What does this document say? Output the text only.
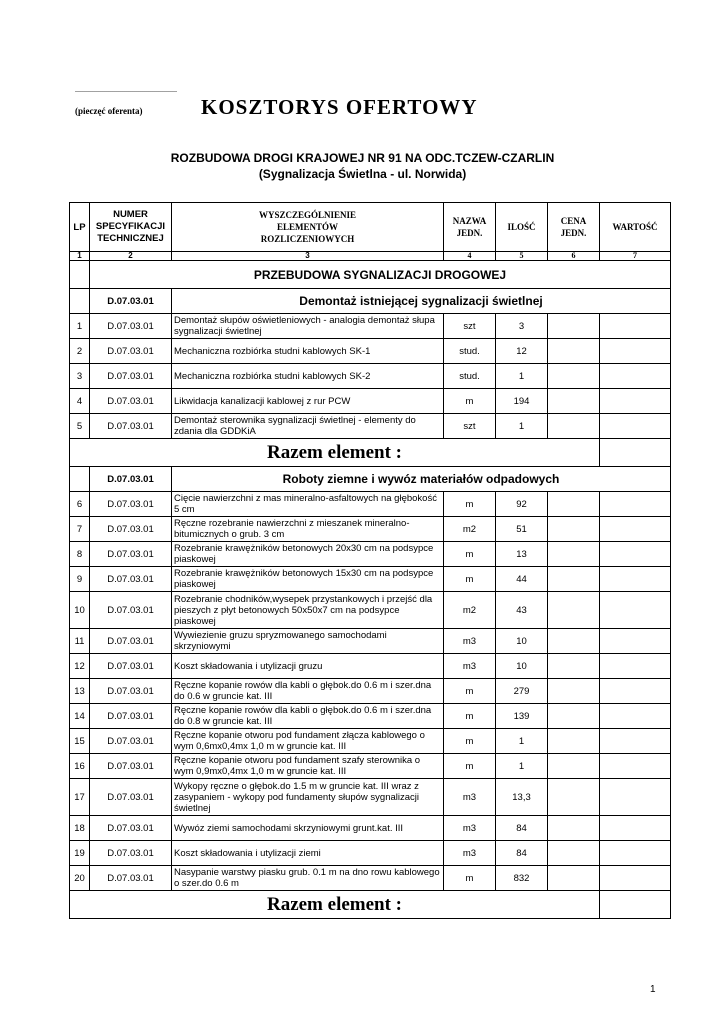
...................................................
(pieczęć oferenta)	KOSZTORYS OFERTOWY
ROZBUDOWA DROGI KRAJOWEJ NR 91 NA ODC.TCZEW-CZARLIN
(Sygnalizacja Świetlna - ul. Norwida)
LP	NUMER SPECYFIKACJI TECHNICZNEJ	WYSZCZEGÓLNIENIE ELEMENTÓW ROZLICZENIOWYCH	NAZWA JEDN.	ILOŚĆ	CENA JEDN.	WARTOŚĆ
1	2	3	4	5	6	7
	PRZEBUDOWA SYGNALIZACJI DROGOWEJ					
	D.07.03.01	Demontaż istniejącej sygnalizacji świetlnej				
1	D.07.03.01	Demontaż słupów oświetleniowych - analogia demontaż słupa sygnalizacji świetlnej	szt	3		
2	D.07.03.01	Mechaniczna rozbiórka studni kablowych SK-1	stud.	12		
3	D.07.03.01	Mechaniczna rozbiórka studni kablowych SK-2	stud.	1		
4	D.07.03.01	Likwidacja kanalizacji kablowej z rur PCW	m	194		
5	D.07.03.01	Demontaż sterownika sygnalizacji świetlnej - elementy do zdania dla GDDKiA	szt	1		
Razem element :						
	D.07.03.01	Roboty ziemne i wywóz materiałów odpadowych				
6	D.07.03.01	Cięcie nawierzchni z mas mineralno-asfaltowych na głębokość 5 cm	m	92		
7	D.07.03.01	Ręczne rozebranie nawierzchni z mieszanek mineralno-bitumicznych o grub. 3 cm	m2	51		
8	D.07.03.01	Rozebranie krawężników betonowych 20x30 cm na podsypce piaskowej	m	13		
9	D.07.03.01	Rozebranie krawężników betonowych 15x30 cm na podsypce piaskowej	m	44		
10	D.07.03.01	Rozebranie chodników,wysepek przystankowych i przejść dla pieszych z płyt betonowych 50x50x7 cm na podsypce piaskowej	m2	43		
11	D.07.03.01	Wywiezienie gruzu spryzmowanego samochodami skrzyniowymi	m3	10		
12	D.07.03.01	Koszt składowania i utylizacji gruzu	m3	10		
13	D.07.03.01	Ręczne kopanie rowów dla kabli o głębok.do 0.6 m i szer.dna do 0.6 w gruncie kat. III	m	279		
14	D.07.03.01	Ręczne kopanie rowów dla kabli o głębok.do 0.6 m i szer.dna do 0.8 w gruncie kat. III	m	139		
15	D.07.03.01	Ręczne kopanie otworu pod fundament złącza kablowego o wym 0,6mx0,4mx 1,0 m w gruncie kat. III	m	1		
16	D.07.03.01	Ręczne kopanie otworu pod fundament szafy sterownika o wym 0,9mx0,4mx 1,0 m w gruncie kat. III	m	1		
17	D.07.03.01	Wykopy ręczne o głębok.do 1.5 m w gruncie kat. III wraz z zasypaniem - wykopy pod fundamenty słupów sygnalizacji świetlnej	m3	13,3		
18	D.07.03.01	Wywóz ziemi samochodami skrzyniowymi grunt.kat. III	m3	84		
19	D.07.03.01	Koszt składowania i utylizacji ziemi	m3	84		
20	D.07.03.01	Nasypanie warstwy piasku grub. 0.1 m na dno rowu kablowego o szer.do 0.6 m	m	832		
Razem element :						
1
